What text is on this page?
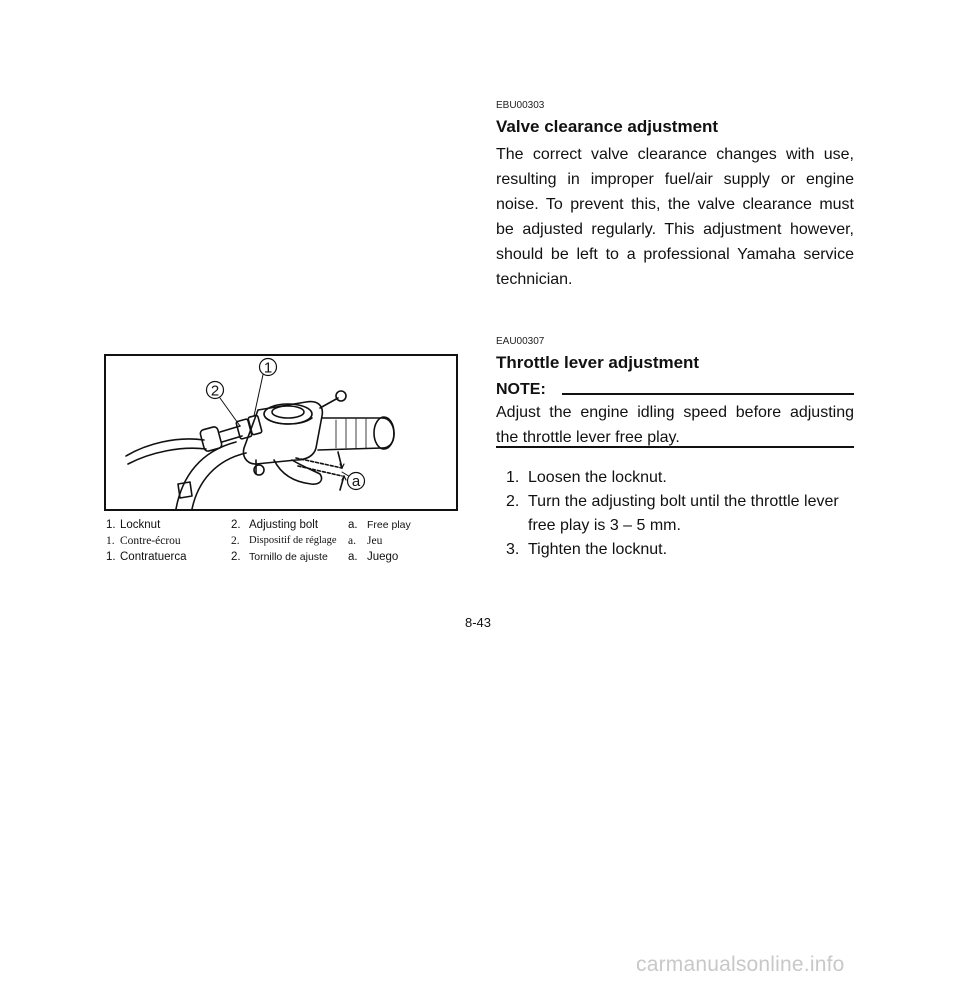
EBU00303
Valve clearance adjustment
The correct valve clearance changes with use, resulting in improper fuel/air supply or engine noise. To prevent this, the valve clearance must be adjusted regularly. This adjustment however, should be left to a professional Yamaha service technician.
EAU00307
Throttle lever adjustment
NOTE:
Adjust the engine idling speed before adjusting the throttle lever free play.
1. Loosen the locknut.
2. Turn the adjusting bolt until the throttle lever
free play is 3 – 5 mm.
3. Tighten the locknut.
1
2
a
1. Locknut	2. Adjusting bolt	a. Free play
1. Contre-écrou	2. Dispositif de réglage a. Jeu
1. Contratuerca	2. Tornillo de ajuste a. Juego
8-43
carmanualsonline.info
